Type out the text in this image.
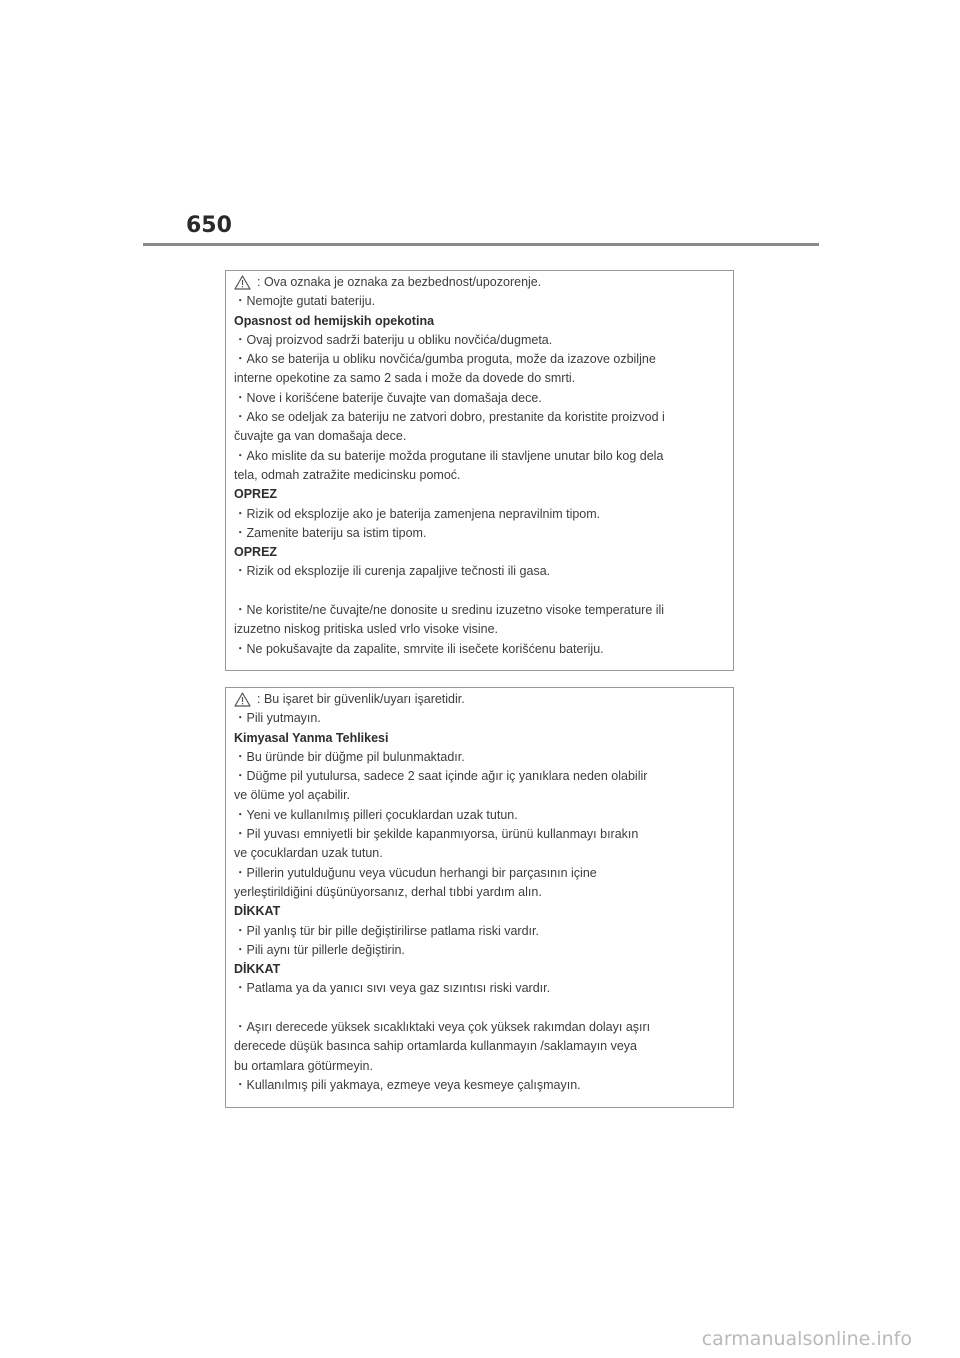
650
: Ova oznaka je oznaka za bezbednost/upozorenje.
・Nemojte gutati bateriju.
Opasnost od hemijskih opekotina
・Ovaj proizvod sadrži bateriju u obliku novčića/dugmeta.
・Ako se baterija u obliku novčića/gumba proguta, može da izazove ozbiljne
interne opekotine za samo 2 sada i može da dovede do smrti.
・Nove i korišćene baterije čuvajte van domašaja dece.
・Ako se odeljak za bateriju ne zatvori dobro, prestanite da koristite proizvod i
čuvajte ga van domašaja dece.
・Ako mislite da su baterije možda progutane ili stavljene unutar bilo kog dela
tela, odmah zatražite medicinsku pomoć.
OPREZ
・Rizik od eksplozije ako je baterija zamenjena nepravilnim tipom.
・Zamenite bateriju sa istim tipom.
OPREZ
・Rizik od eksplozije ili curenja zapaljive tečnosti ili gasa.
・Ne koristite/ne čuvajte/ne donosite u sredinu izuzetno visoke temperature ili
izuzetno niskog pritiska usled vrlo visoke visine.
・Ne pokušavajte da zapalite, smrvite ili isečete korišćenu bateriju.
: Bu işaret bir güvenlik/uyarı işaretidir.
・Pili yutmayın.
Kimyasal Yanma Tehlikesi
・Bu üründe bir düğme pil bulunmaktadır.
・Düğme pil yutulursa, sadece 2 saat içinde ağır iç yanıklara neden olabilir
ve ölüme yol açabilir.
・Yeni ve kullanılmış pilleri çocuklardan uzak tutun.
・Pil yuvası emniyetli bir şekilde kapanmıyorsa, ürünü kullanmayı bırakın
ve çocuklardan uzak tutun.
・Pillerin yutulduğunu veya vücudun herhangi bir parçasının içine
yerleştirildiğini düşünüyorsanız, derhal tıbbi yardım alın.
DİKKAT
・Pil yanlış tür bir pille değiştirilirse patlama riski vardır.
・Pili aynı tür pillerle değiştirin.
DİKKAT
・Patlama ya da yanıcı sıvı veya gaz sızıntısı riski vardır.
・Aşırı derecede yüksek sıcaklıktaki veya çok yüksek rakımdan dolayı aşırı
derecede düşük basınca sahip ortamlarda kullanmayın /saklamayın veya
bu ortamlara götürmeyin.
・Kullanılmış pili yakmaya, ezmeye veya kesmeye çalışmayın.
carmanualsonline.info
